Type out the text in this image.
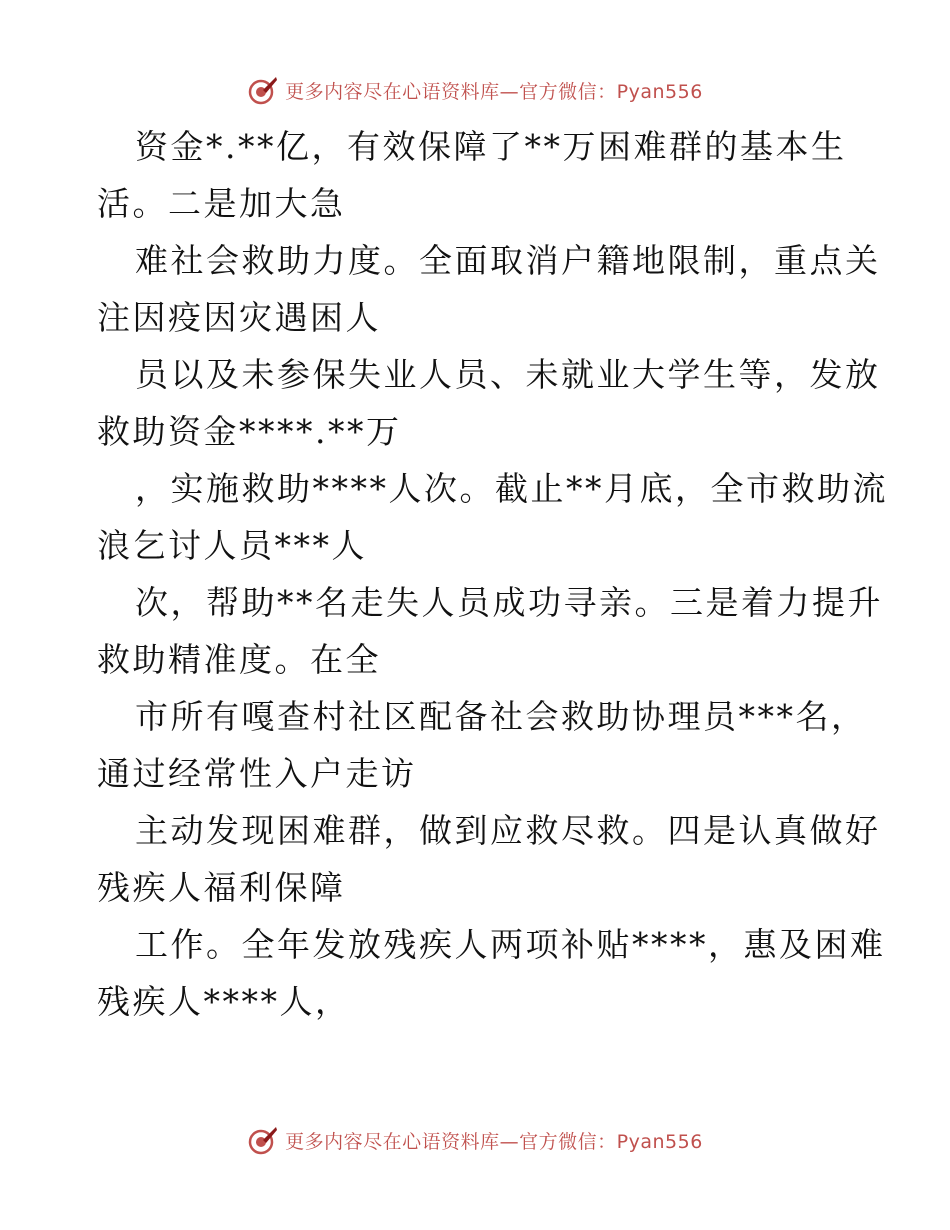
更多内容尽在心语资料库—官方微信：Pyan556

资金*.**亿，有效保障了**万困难群的基本生
活。二是加大急

难社会救助力度。全面取消户籍地限制，重点关
注因疫因灾遇困人

员以及未参保失业人员、未就业大学生等，发放
救助资金****.**万

，实施救助****人次。截止**月底，全市救助流
浪乞讨人员***人

次，帮助**名走失人员成功寻亲。三是着力提升
救助精准度。在全

市所有嘎查村社区配备社会救助协理员***名，
通过经常性入户走访

主动发现困难群，做到应救尽救。四是认真做好
残疾人福利保障

工作。全年发放残疾人两项补贴****，惠及困难
残疾人****人，

更多内容尽在心语资料库—官方微信：Pyan556
